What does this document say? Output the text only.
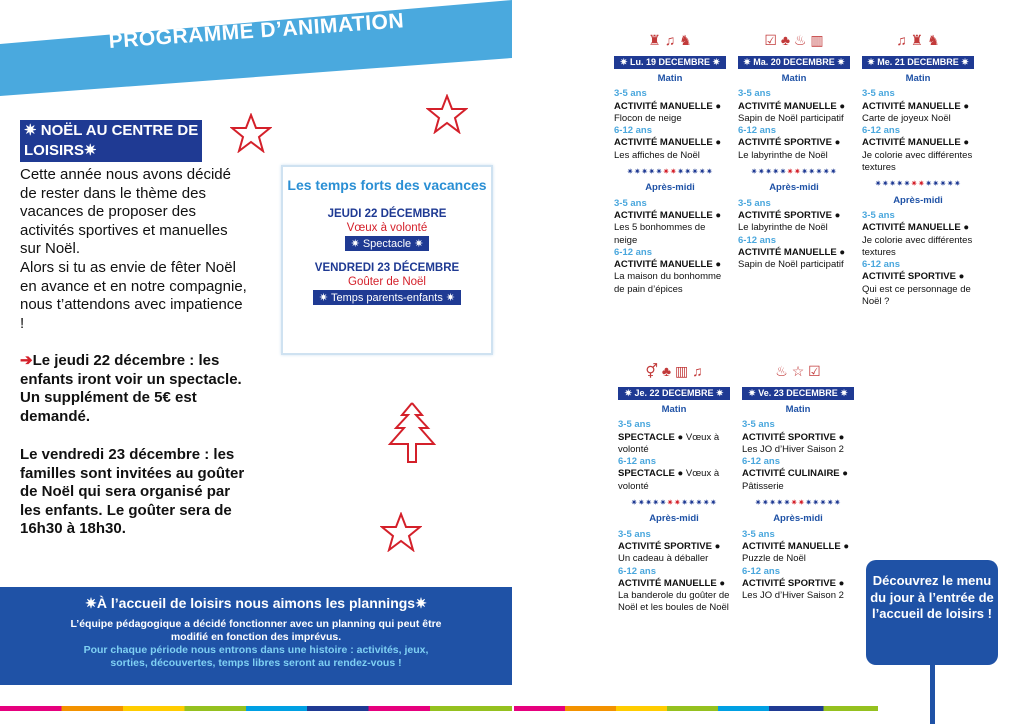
PROGRAMME D’ANIMATION
✷ NOËL AU CENTRE DE
LOISIRS✷
Cette année nous avons décidé de rester dans le thème des vacances de proposer des activités sportives et manuelles sur Noël.
Alors si tu as envie de fêter Noël en avance et en notre compagnie, nous t’attendons avec impatience !
➔Le jeudi 22 décembre : les enfants iront voir un spectacle. Un supplément de 5€ est demandé.
Le vendredi 23 décembre : les familles sont invitées au goûter de Noël qui sera organisé par les enfants. Le goûter sera de 16h30 à 18h30.
Les temps forts des vacances
JEUDI 22 DÉCEMBRE
Vœux à volonté
✷ Spectacle ✷
VENDREDI 23 DÉCEMBRE
Goûter de Noël
✷ Temps parents-enfants ✷
✷À l’accueil de loisirs nous aimons les plannings✷
L’équipe pédagogique a décidé fonctionner avec un planning qui peut être
modifié en fonction des imprévus.
Pour chaque période nous entrons dans une histoire : activités, jeux,
sorties, découvertes, temps libres seront au rendez-vous !
♜ ♫ ♞
✷ Lu. 19 DECEMBRE ✷
Matin
3-5 ans
ACTIVITÉ MANUELLE ●
Flocon de neige
6-12 ans
ACTIVITÉ MANUELLE ●
Les affiches de Noël
✷✷✷✷✷✷✷✷✷✷✷✷
Après-midi
3-5 ans
ACTIVITÉ MANUELLE ●
Les 5 bonhommes de neige
6-12 ans
ACTIVITÉ MANUELLE ●
La maison du bonhomme de pain d’épices
☑ ♣ ♨ ▥
✷ Ma. 20 DECEMBRE ✷
Matin
3-5 ans
ACTIVITÉ MANUELLE ●
Sapin de Noël participatif
6-12 ans
ACTIVITÉ SPORTIVE ●
Le labyrinthe de Noël
✷✷✷✷✷✷✷✷✷✷✷✷
Après-midi
3-5 ans
ACTIVITÉ SPORTIVE ●
Le labyrinthe de Noël
6-12 ans
ACTIVITÉ MANUELLE ●
Sapin de Noël participatif
♫ ♜ ♞
✷ Me. 21 DECEMBRE ✷
Matin
3-5 ans
ACTIVITÉ MANUELLE ●
Carte de joyeux Noël
6-12 ans
ACTIVITÉ MANUELLE ●
Je colorie avec différentes textures
✷✷✷✷✷✷✷✷✷✷✷✷
Après-midi
3-5 ans
ACTIVITÉ MANUELLE ●
Je colorie avec différentes textures
6-12 ans
ACTIVITÉ SPORTIVE ●
Qui est ce personnage de Noël ?
⚥ ♣ ▥ ♫
✷ Je. 22 DECEMBRE ✷
Matin
3-5 ans
SPECTACLE ● Vœux à volonté
6-12 ans
SPECTACLE ● Vœux à volonté
✷✷✷✷✷✷✷✷✷✷✷✷
Après-midi
3-5 ans
ACTIVITÉ SPORTIVE ●
Un cadeau à déballer
6-12 ans
ACTIVITÉ MANUELLE ●
La banderole du goûter de Noël et les boules de Noël
♨ ☆ ☑
✷ Ve. 23 DECEMBRE ✷
Matin
3-5 ans
ACTIVITÉ SPORTIVE ●
Les JO d’Hiver Saison 2
6-12 ans
ACTIVITÉ CULINAIRE ●
Pâtisserie
✷✷✷✷✷✷✷✷✷✷✷✷
Après-midi
3-5 ans
ACTIVITÉ MANUELLE ●
Puzzle de Noël
6-12 ans
ACTIVITÉ SPORTIVE ●
Les JO d’Hiver Saison 2
Découvrez le menu du jour à l’entrée de l’accueil de loisirs !
